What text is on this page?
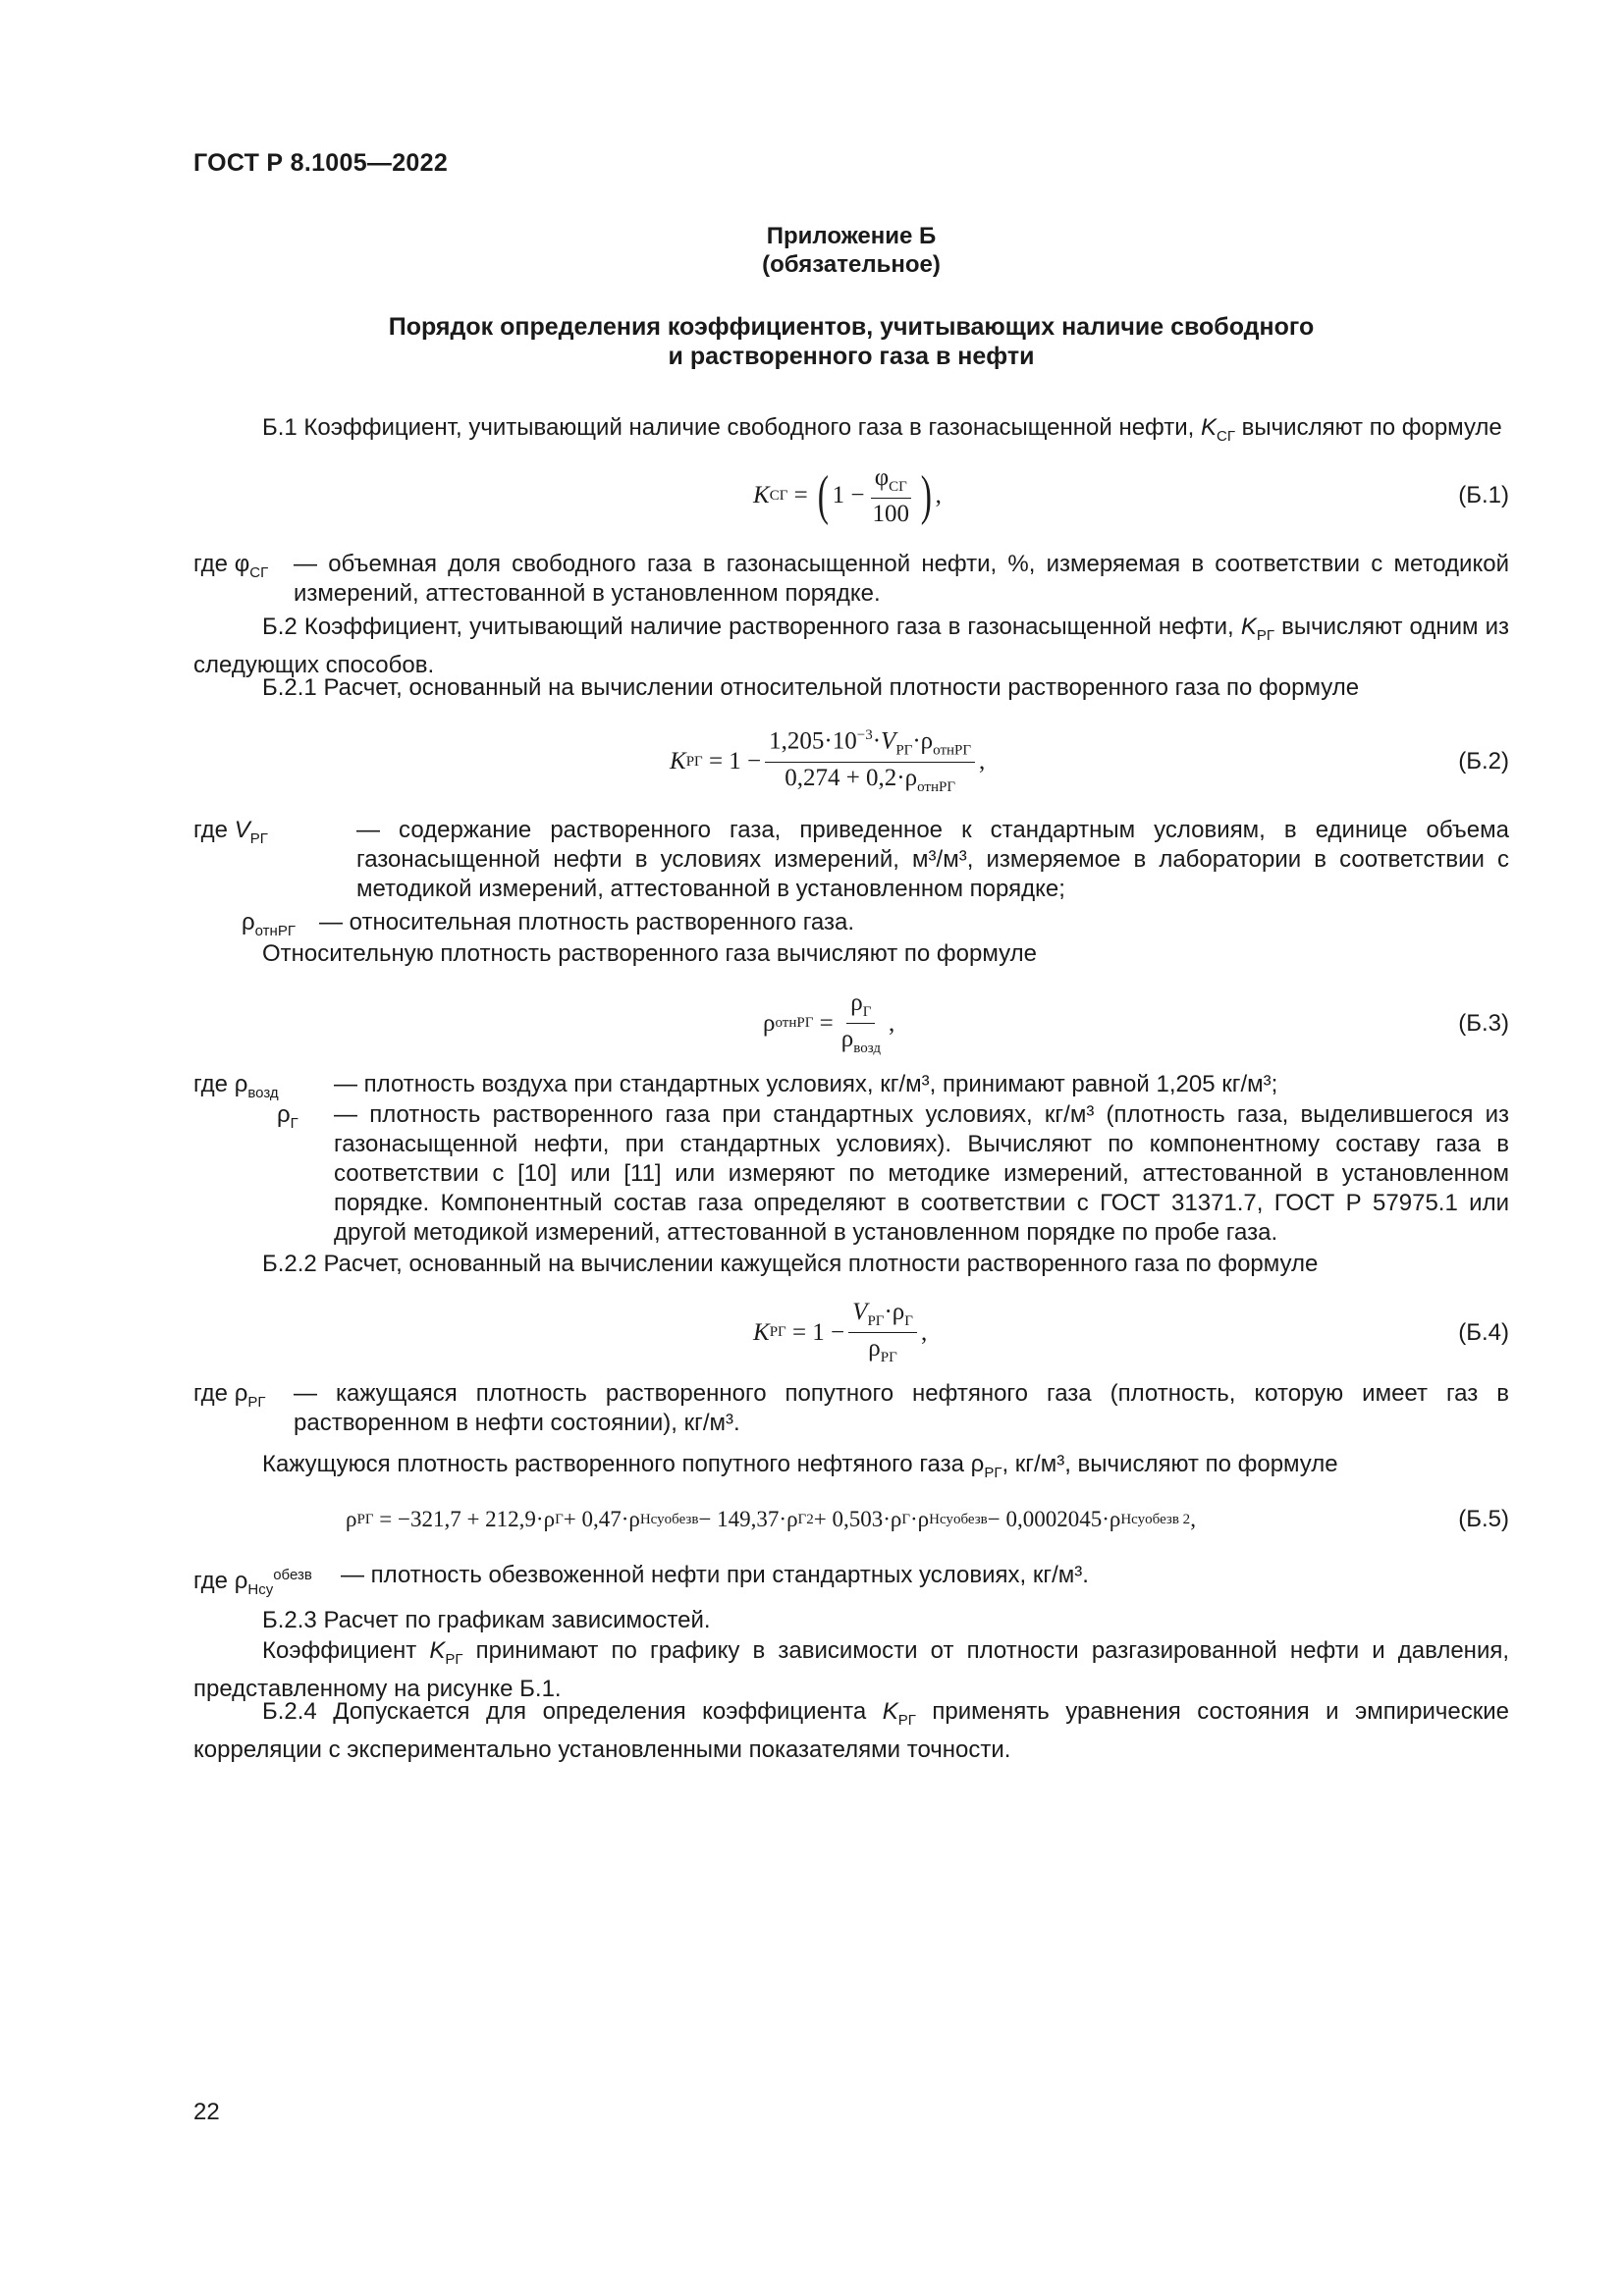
ГОСТ Р 8.1005—2022
Приложение Б
(обязательное)
Порядок определения коэффициентов, учитывающих наличие свободного
и растворенного газа в нефти
Б.1 Коэффициент, учитывающий наличие свободного газа в газонасыщенной нефти, $K_{СГ}$ вычисляют по формуле
K СГ = ( $1 - \frac{\varphi_{СГ}}{100}$ ) ,	(Б.1)
где $\varphi_{СГ}$ — объемная доля свободного газа в газонасыщенной нефти, %, измеряемая в соответствии с методикой измерений, аттестованной в установленном порядке.
Б.2 Коэффициент, учитывающий наличие растворенного газа в газонасыщенной нефти, $K_{РГ}$ вычисляют одним из следующих способов.
Б.2.1 Расчет, основанный на вычислении относительной плотности растворенного газа по формуле
K РГ = $1 - \frac{1,205\cdot 10^{-3}\cdot V_{РГ}\cdot\rho_{отнРГ}}{0,274 + 0,2\cdot\rho_{отнРГ}}$ ,	(Б.2)
где $V_{РГ}$	— содержание растворенного газа, приведенное к стандартным условиям, в единице объема газонасыщенной нефти в условиях измерений, м³/м³, измеряемое в лаборатории в соответствии с методикой измерений, аттестованной в установленном порядке;
$\rho_{отнРГ}$ — относительная плотность растворенного газа.
Относительную плотность растворенного газа вычисляют по формуле
ρ отнРГ = $\frac{\rho_Г}{\rho_{возд}}$ ,	(Б.3)
где $\rho_{возд}$ — плотность воздуха при стандартных условиях, кг/м³, принимают равной 1,205 кг/м³;
$\rho_Г$ — плотность растворенного газа при стандартных условиях, кг/м³ (плотность газа, выделившегося из газонасыщенной нефти, при стандартных условиях). Вычисляют по компонентному составу газа в соответствии с [10] или [11] или измеряют по методике измерений, аттестованной в установленном порядке. Компонентный состав газа определяют в соответствии с ГОСТ 31371.7, ГОСТ Р 57975.1 или другой методикой измерений, аттестованной в установленном порядке по пробе газа.
Б.2.2 Расчет, основанный на вычислении кажущейся плотности растворенного газа по формуле
K РГ = $1 - \frac{V_{РГ}\cdot\rho_Г}{\rho_{РГ}}$ ,	(Б.4)
где $\rho_{РГ}$ — кажущаяся плотность растворенного попутного нефтяного газа (плотность, которую имеет газ в растворенном в нефти состоянии), кг/м³.
Кажущуюся плотность растворенного попутного нефтяного газа $\rho_{РГ}$, кг/м³, вычисляют по формуле
ρ РГ = −321,7 + 212,9·ρ Г + 0,47·ρ Нсу обезв − 149,37·ρ Г 2 + 0,503·ρ Г ·ρ Нсу обезв − 0,0002045·ρ Нсу обезв 2 ,	(Б.5)
где $\rho_{Нсу}^{обезв}$ — плотность обезвоженной нефти при стандартных условиях, кг/м³.
Б.2.3 Расчет по графикам зависимостей.
Коэффициент $K_{РГ}$ принимают по графику в зависимости от плотности разгазированной нефти и давления, представленному на рисунке Б.1.
Б.2.4 Допускается для определения коэффициента $K_{РГ}$ применять уравнения состояния и эмпирические корреляции с экспериментально установленными показателями точности.
22
